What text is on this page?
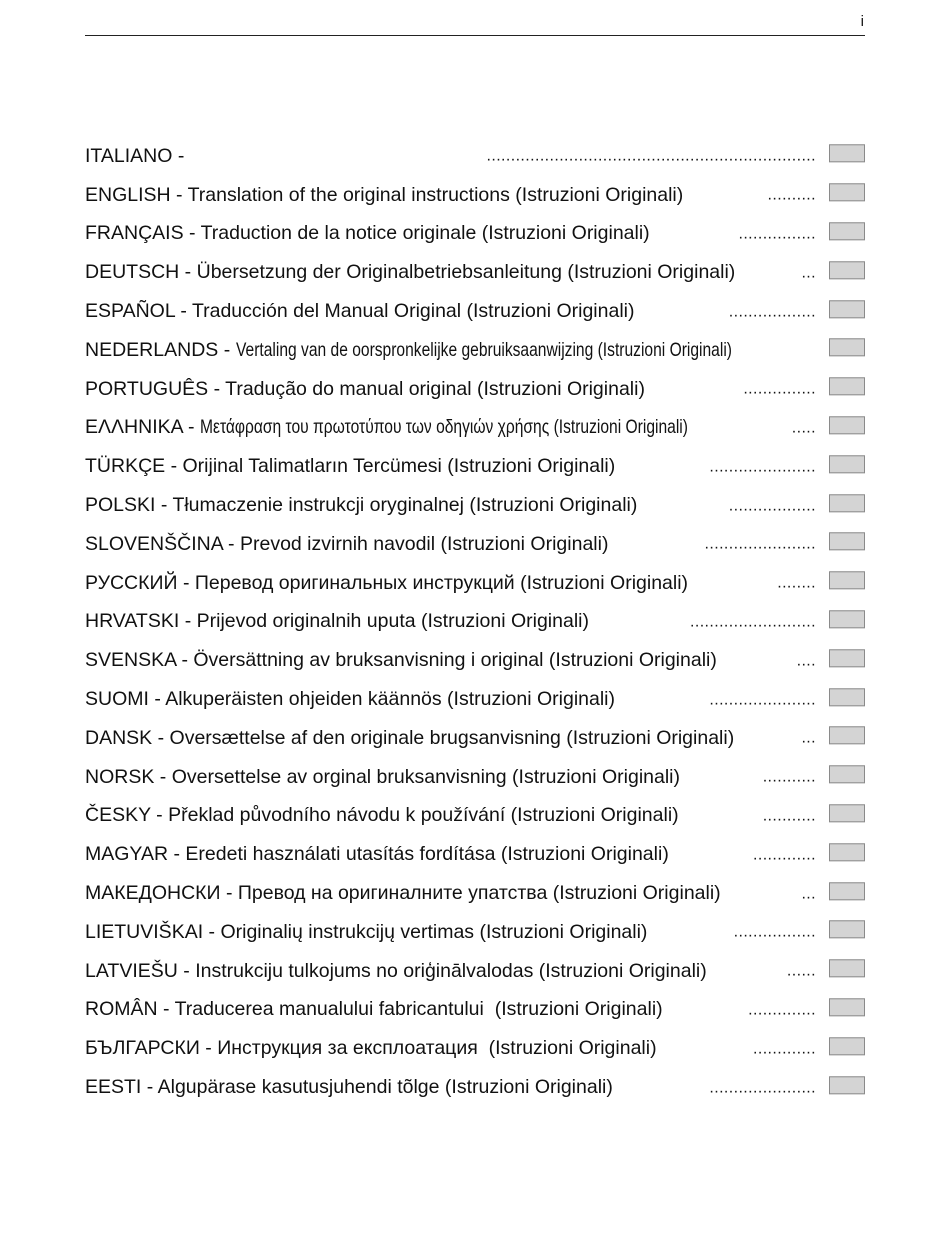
i
ITALIANO -	....................................................................
ENGLISH - Translation of the original instructions (Istruzioni Originali)	..........
FRANÇAIS - Traduction de la notice originale (Istruzioni Originali)	................
DEUTSCH - Übersetzung der Originalbetriebsanleitung (Istruzioni Originali)	...
ESPAÑOL - Traducción del Manual Original (Istruzioni Originali)	..................
NEDERLANDS - Vertaling van de oorspronkelijke gebruiksaanwijzing (Istruzioni Originali)
PORTUGUÊS - Tradução do manual original (Istruzioni Originali)	...............
ΕΛΛΗΝΙΚΑ - Μετάφραση του πρωτοτύπου των οδηγιών χρήσης (Istruzioni Originali)	.....
TÜRKÇE - Orijinal Talimatların Tercümesi (Istruzioni Originali)	......................
POLSKI - Tłumaczenie instrukcji oryginalnej (Istruzioni Originali)	..................
SLOVENŠČINA - Prevod izvirnih navodil (Istruzioni Originali)	.......................
РУССКИЙ - Перевод оригинальных инструкций (Istruzioni Originali)	........
HRVATSKI - Prijevod originalnih uputa (Istruzioni Originali)	..........................
SVENSKA - Översättning av bruksanvisning i original (Istruzioni Originali)	....
SUOMI - Alkuperäisten ohjeiden käännös (Istruzioni Originali)	......................
DANSK - Oversættelse af den originale brugsanvisning (Istruzioni Originali)	...
NORSK - Oversettelse av orginal bruksanvisning (Istruzioni Originali)	...........
ČESKY - Překlad původního návodu k používání (Istruzioni Originali)	...........
MAGYAR - Eredeti használati utasítás fordítása (Istruzioni Originali)	.............
МАКЕДОНСКИ - Превод на оригиналните упатства (Istruzioni Originali)	...
LIETUVIŠKAI - Originalių instrukcijų vertimas (Istruzioni Originali)	.................
LATVIEŠU - Instrukciju tulkojums no oriģinālvalodas (Istruzioni Originali)	......
ROMÂN - Traducerea manualului fabricantului  (Istruzioni Originali)	..............
БЪЛГАРСКИ - Инструкция за експлоатация  (Istruzioni Originali)	.............
EESTI - Algupärase kasutusjuhendi tõlge (Istruzioni Originali)	......................
